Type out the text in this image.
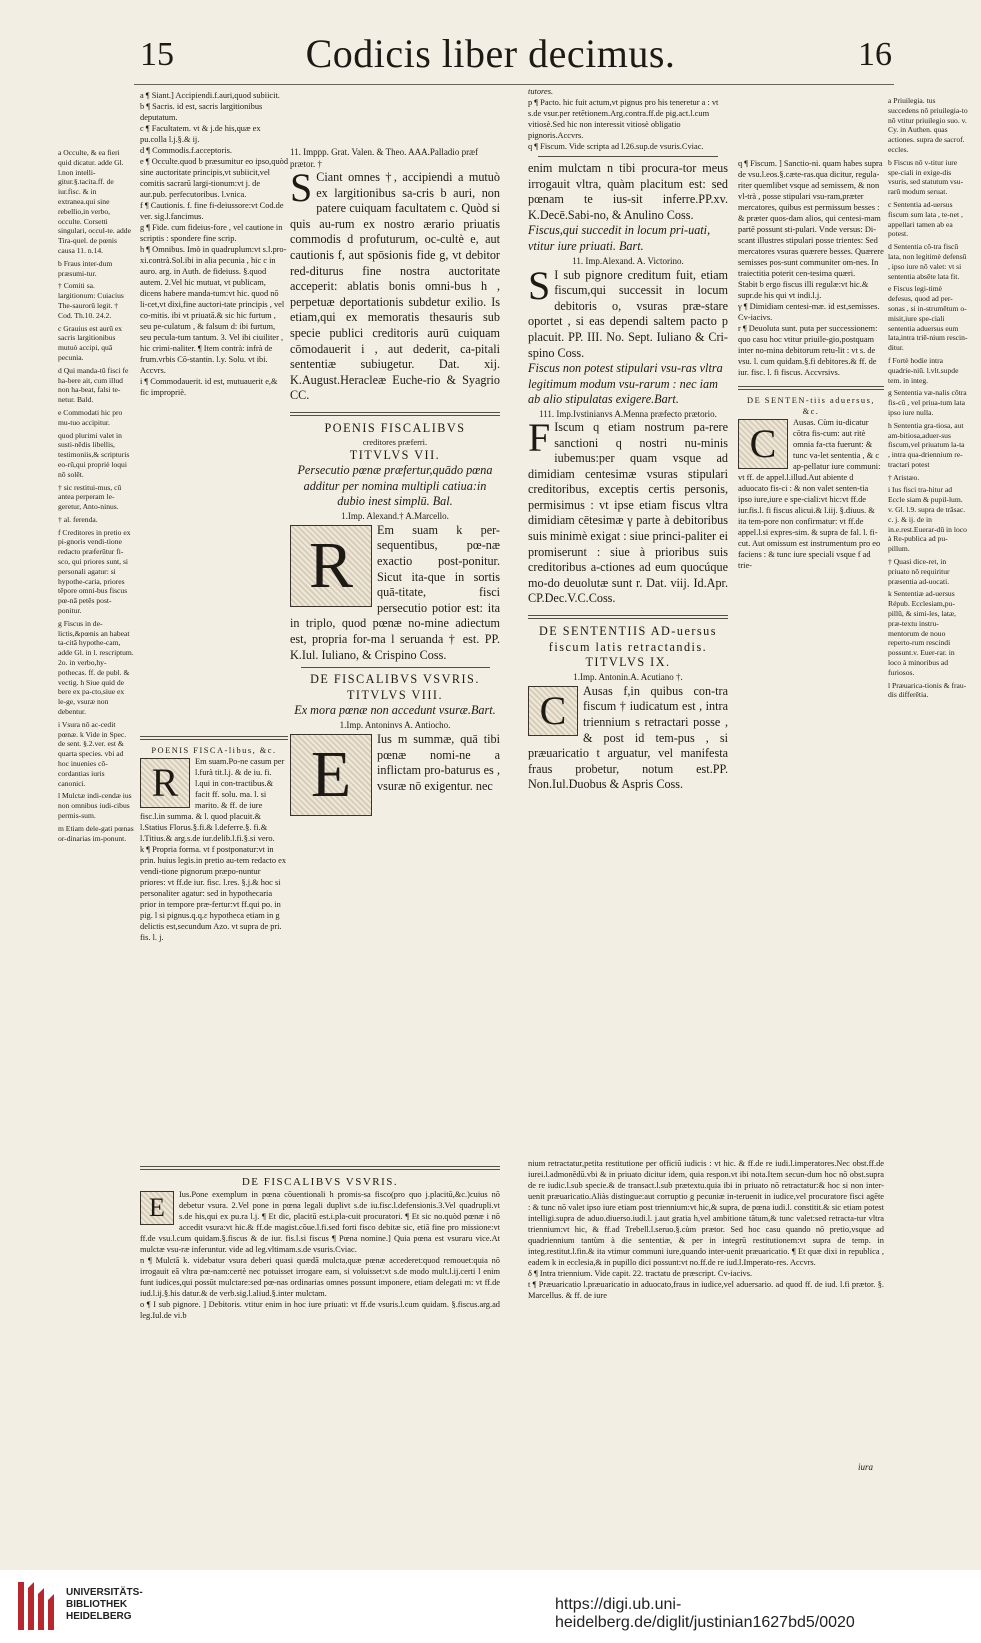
15	Codicis liber decimus.	16

a Occulte, & ea fieri quid dicatur. adde Gl. l.non intelli-gitur.§.tacita.ff. de iur.fisc. & in extranea.qui sine rebellio,in verbo, occulte. Corsetti singulari, occul-te. adde Tira-quel. de pœnis causa 11. n.14.

b Fraus inter-dum præsumi-tur.

† Comiti sa. largitionum: Cuiacius The-saurorū legit. † Cod. Th.10. 24.2.

c Grauius est aurū ex sacris largitionibus mutuò accipi, quā pecunia.

d Qui manda-tū fisci fe ha-bere ait, cum illud non ha-beat, falsi te-netur. Bald.

e Commodati hic pro mu-tuo accipitur.

quod plurimi valet in susti-nēdis libellis, testimoniis,& scripturis eo-rū,qui propriè loqui nō solēt.

† sic restitui-mus, cū antea perperam le-geretur, Anto-ninus.

† al. ferenda.

f Creditores in pretio ex pi-gnoris vendi-tione redacto præferūtur fi-sco, qui priores sunt, si personali agatur: si hypothe-caria, priores tēpore omni-bus fiscus pœ-nā petēs post-ponitur.

g Fiscus in de-lictis,&pœnis an habeat ta-citā hypothe-cam, adde Gl. in l. rescriptum. 2o. in verbo,hy-pothecas. ff. de publ. & vectig. h Siue quid de bere ex pa-cto,siue ex le-ge, vsuræ non debentur.

i Vsura nō ac-cedit pœnæ. k Vide in Spec. de sent. §.2.ver. est & quarta species. vbi ad hoc inuenies cō-cordantias iuris canonici.

l Mulctæ indi-cendæ ius non omnibus iudi-cibus permis-sum.

m Etiam dele-gati pœnas or-dinarias im-ponunt.

a ¶ Siant.] Accipiendi.f.auri,quod subiicit.

b ¶ Sacris. id est, sacris largitionibus deputatum.

c ¶ Facultatem. vt & j.de his,quæ ex pu.colla l.j.§.& ij.

d ¶ Commodis.f.acceptoris.

e ¶ Occulte.quod b præsumitur eo ipso,quòd sine auctoritate principis,vt subiicit,vel comitis sacrarū largi-tionum:vt j. de aur.pub. perfecutoribus. l.vnica.

f ¶ Cautionis. f. fine fi-deiussore:vt Cod.de ver. sig.l.fancimus.

g ¶ Fide. cum fideius-fore , vel cautione in scriptis : spondere fine scrip.

h ¶ Omnibus. Imò in quadruplum:vt s.l.pro-xi.contrà.Sol.ibi in alia pecunia , hic c in auro. arg. in Auth. de fideiuss. §.quod autem. 2.Vel hic mutuat, vt publicam, dicens habere manda-tum:vt hic. quod nō li-cet,vt dixi,fine auctori-tate principis , vel co-mitis. ibi vt priuatā.& sic hic furtum , seu pe-culatum , & falsum d: ibi furtum, seu pecula-tum tantum. 3. Vel ibi ciuiliter , hic crimi-naliter. ¶ Item contrà: infrà de frum.vrbis Cō-stantin. l.y. Solu. vt ibi. Accvrs.

i ¶ Commodauerit. id est, mutuauerit e,& fic impropriè.

POENIS FISCA-libus, &c.

R	Em suam.Po-ne casum per l.furà tit.l.j. & de iu. fi. l.qui in con-tractibus.& facit ff. solu. ma. l. si marito. & ff. de iure fisc.l.in summa. & l. quod placuit.& l.Statius Florus.§.fi.& l.deferre.§. fi.& l.Titius.& arg.s.de iur.delib.l.fi.§.si vero.

k ¶ Propria forma. vt f postponatur:vt in prin. huius legis.in pretio au-tem redacto ex vendi-tione pignorum præpo-nuntur priores: vt ff.de iur. fisc. l.res. §.j.& hoc si personaliter agatur: sed in hypothecaria prior in tempore præ-fertur:vt ff.qui po. in pig. l si pignus.q.q.ε hypotheca etiam in g delictis est,secundum Azo. vt supra de pri. fis. l. j.

11. Imppp. Grat. Valen. & Theo. AAA.Palladio præf prætor. †

S Ciant omnes †, accipiendi a mutuò ex largitionibus sa-cris b auri, non patere cuiquam facultatem c. Quòd si quis au-rum ex nostro ærario priuatis commodis d profuturum, oc-cultè e, aut cautionis f, aut spōsionis fide g, vt debitor red-diturus fine nostra auctoritate acceperit: ablatis bonis omni-bus h , perpetuæ deportationis subdetur exilio. Is etiam,qui ex memoratis thesauris sub specie publici creditoris aurū cuiquam cōmodauerit i , aut dederit, ca-pitali sententiæ subiugetur. Dat. xij. K.August.Heracleæ Euche-rio & Syagrio CC.

POENIS FISCALIBVS

creditores præferri.

TITVLVS VII.

Persecutio pœnæ præfertur,quādo pœna additur per nomina multipli catiua:in dubio inest simplū. Bal.

1.Imp. Alexand.† A.Marcello.

R	Em suam k per-sequentibus, pœ-næ exactio post-ponitur. Sicut ita-que in sortis quā-titate, fisci persecutio potior est: ita in triplo, quod pœnæ no-mine adiectum est, propria for-ma l seruanda † est. PP. K.Iul. Iuliano, & Crispino Coss.

DE FISCALIBVS VSVRIS.

TITVLVS VIII.

Ex mora pœnæ non accedunt vsuræ.Bart.

1.Imp. Antoninvs A. Antiocho.

E	Ius m summæ, quā tibi pœnæ nomi-ne a inflictam pro-baturus es , vsuræ nō exigentur. nec

tutores.

p ¶ Pacto. hic fuit actum,vt pignus pro his teneretur a : vt s.de vsur.per retētionem.Arg.contra.ff.de pig.act.l.cum vitiosè.Sed hic non interessit vitiosè obligatio pignoris.Accvrs.

q ¶ Fiscum. Vide scripta ad l.26.sup.de vsuris.Cviac.

enim mulctam n tibi procura-tor meus irrogauit vltra, quàm placitum est: sed pœnam te ius-sit inferre.PP.xv. K.Decē.Sabi-no, & Anulino Coss.

Fiscus,qui succedit in locum pri-uati, vtitur iure priuati. Bart.

11. Imp.Alexand. A. Victorino.

S I sub pignore creditum fuit, etiam fiscum,qui successit in locum debitoris o, vsuras præ-stare oportet , si eas dependi saltem pacto p placuit. PP. III. No. Sept. Iuliano & Cri-spino Coss.

Fiscus non potest stipulari vsu-ras vltra legitimum modum vsu-rarum : nec iam ab alio stipulatas exigere.Bart.

111. Imp.Ivstinianvs A.Menna præfecto prætorio.

F Iscum q etiam nostrum pa-rere sanctioni q nostri nu-minis iubemus:per quam vsque ad dimidiam centesimæ vsuras stipulari creditoribus, exceptis certis personis, permisimus : vt ipse etiam fiscus vltra dimidiam cētesimæ γ parte à debitoribus suis minimè exigat : siue princi-paliter ei promiserunt : siue à prioribus suis creditoribus a-ctiones ad eum quocúque mo-do deuolutæ sunt r. Dat. viij. Id.Apr. CP.Dec.V.C.Coss.

DE SENTENTIIS AD-uersus fiscum latis retractandis.

TITVLVS IX.

1.Imp. Antonin.A. Acutiano †.

C	Ausas f,in quibus con-tra fiscum † iudicatum est , intra triennium s retractari posse , & post id tem-pus , si præuaricatio t arguatur, vel manifesta fraus probetur, notum est.PP. Non.Iul.Duobus & Aspris Coss.

q ¶ Fiscum. ] Sanctio-ni. quam habes supra de vsu.l.eos.§.cæte-ras.qua dicitur, regula-riter quemlibet vsque ad semissem, & non vl-trà , posse stipulari vsu-ram,præter mercatores, quibus est permissum besses : & præter quos-dam alios, qui centesi-mam partē possunt sti-pulari. Vnde versus: Di-scant illustres stipulari posse trientes: Sed mercatores vsuras quærere besses. Quærere semisses pos-sunt communiter om-nes. In traiectitia poterit cen-tesima quæri.

Stabit b ergo fiscus illi regulæ:vt hic.& supr.de his qui vt indi.l.j.

γ ¶ Dimidiam centesi-mæ. id est,semisses. Cv-iacivs.

r ¶ Deuoluta sunt. puta per successionem: quo casu hoc vtitur priuile-gio,postquam inter no-mina debitorum retu-lit : vt s. de vsu. l. cum quidam.§.fi debitores.& ff. de iur. fisc. l. fi fiscus. Accvrsivs.

DE SENTEN-tiis aduersus, &c.

C	Ausas. Cùm iu-dicatur cōtra fis-cum: aut ritè omnia fa-cta fuerunt: & tunc va-let sententia , & c ap-pellatur iure communi: vt ff. de appel.l.illud.Aut abiente d aduocato fis-ci : & non valet senten-tia ipso iure,iure e spe-ciali:vt hic:vt ff.de iur.fis.l. fi fiscus alicui.& l.iij. §.diuus. & ita tem-pore non confirmatur: vt ff.de appel.l.si expres-sim. & supra de fal. l. fi-cut. Aut omissum est instrumentum pro eo faciens : & tunc iure speciali vsque f ad trie-

a Priuilegia. tus succedens nō priuilegia-to nō vtitur priuilegio suo. v. Cy. in Authen. quas actiones. supra de sacrof. eccles.

b Fiscus nō v-titur iure spe-ciali in exige-dis vsuris, sed statutum vsu-rarū modum seruat.

c Sententia ad-uersus fiscum sum lata , te-net , appellari tamen ab ea potest.

d Sententia cō-tra fiscū lata, non legitimè defensū , ipso iure nō valet: vt si sententia absēte lata fit.

e Fiscus legi-timè defesus, quod ad per-sonas , si in-strumētum o-misit,iure spe-ciali sententia aduersus eum lata,intra triē-nium rescin-ditur.

f Fortè hodie intra quadrie-niū. l.vlt.supde tem. in integ.

g Sententia væ-nalis cōtra fis-cū , vel priua-tum lata ipso iure nulla.

h Sententia gra-tiosa, aut am-bitiosa,aduer-sus fiscum,vel priuatum la-ta , intra qua-driennium re-tractari potest

† Aristæo.

i Ius fisci tra-hitur ad Eccle siam & pupil-lum. v. Gl. l.9. supra de trāsac. c. j. & ij. de in in.e.rest.Euerar-dū in loco à Re-publica ad pu-pillum.

† Quasi dice-ret, in priuato nō requiritur præsentia ad-uocati.

k Sententiæ ad-uersus Répub. Ecclesiam,pu-pillū, & simi-les, latæ, præ-textu instru-mentorum de nouo reperto-rum rescindi possunt.v. Euer-rar. in loco à minoribus ad furiosos.

l Præuarica-tionis & frau-dis differētia.

DE FISCALIBVS VSVRIS.

E	Ius.Pone exemplum in pœna cōuentionali h promis-sa fisco(pro quo j.placitū,&c.)cuius nō debetur vsura. 2.Vel pone in pœna legali duplivt s.de iu.fisc.l.defensionis.3.Vel quadrupli.vt s.de his,qui ex pu.ra l.j. ¶ Et dic, placitū est.i.pla-cuit procuratori. ¶ Et sic no.quòd pœnæ i nō accedit vsura:vt hic.& ff.de magist.cōue.l.fi.sed forti fisco debitæ sic, etiā fine pro missione:vt ff.de vsu.l.cum quidam.§.fiscus & de iur. fis.l.si fiscus ¶ Pœna nomine.] Quia pœna est vsuraru vice.At mulctæ vsu-ræ inferuntur. vide ad leg.vltimam.s.de vsuris.Cviac.

n ¶ Mulctā k. videbatur vsura deberi quasi quædā mulcta,quæ pœnæ accederet:quod remouet:quia nō irrogauit eā vltra pœ-nam:certè nec potuisset irrogare eam, si voluisset:vt s.de modo mult.l.ij.certi l enim funt iudices,qui possūt mulctare:sed pœ-nas ordinarias omnes possunt imponere, etiam delegati m: vt ff.de iud.l.ij.§.his datur.& de verb.sig.l.aliud.§.inter mulctam.

o ¶ I sub pignore. ] Debitoris. vtitur enim in hoc iure priuati: vt ff.de vsuris.l.cum quidam. §.fiscus.arg.ad leg.Iul.de vi.b

nium retractatur,petita restitutione per officiū iudicis : vt hic. & ff.de re iudi.l.imperatores.Nec obst.ff.de iurei.l.admonēdū.vbi & in priuato dicitur idem, quia respon.vt ibi nota.Item secun-dum hoc nō obst.supra de re iudic.l.sub specie.& de transact.l.sub prætextu.quia ibi in priuato nō retractatur:& hoc si non inter-uenit præuaricatio.Aliàs distingue:aut corruptio g pecuniæ in-teruenit in iudice,vel procuratore fisci agēte : & tunc nō valet ipso iure etiam post triennium:vt hic,& supra, de pœna iudi.l. constitit.& sic etiam potest intelligi.supra de aduo.diuerso.iudi.l. j.aut gratia h,vel ambitione tātum,& tunc valet:sed retracta-tur vltra triennium:vt hic, & ff.ad Trebell.l.seruo.§.cùm prætor. Sed hoc casu quando nō pretio,vsque ad quadriennium tantùm à die sententiæ, & per in integrū restitutionem:vt supra de temp. in integ.restitut.l.fin.& ita vtimur communi iure,quando inter-uenit præuaricatio. ¶ Et quæ dixi in republica , eadem k in ecclesia,& in pupillo dici possunt:vt no.ff.de re iud.l.Imperato-res. Accvrs.

δ ¶ Intra triennium. Vide capit. 22. tractatu de præscript. Cv-iacivs.

t ¶ Præuaricatio l.præuaricatio in aduocato,fraus in iudice,vel aduersario. ad quod ff. de iud. l.fi prætor. §. Marcellus. & ff. de iure

iura
UNIVERSITÄTS-
BIBLIOTHEK
HEIDELBERG
https://digi.ub.uni-heidelberg.de/diglit/justinian1627bd5/0020
